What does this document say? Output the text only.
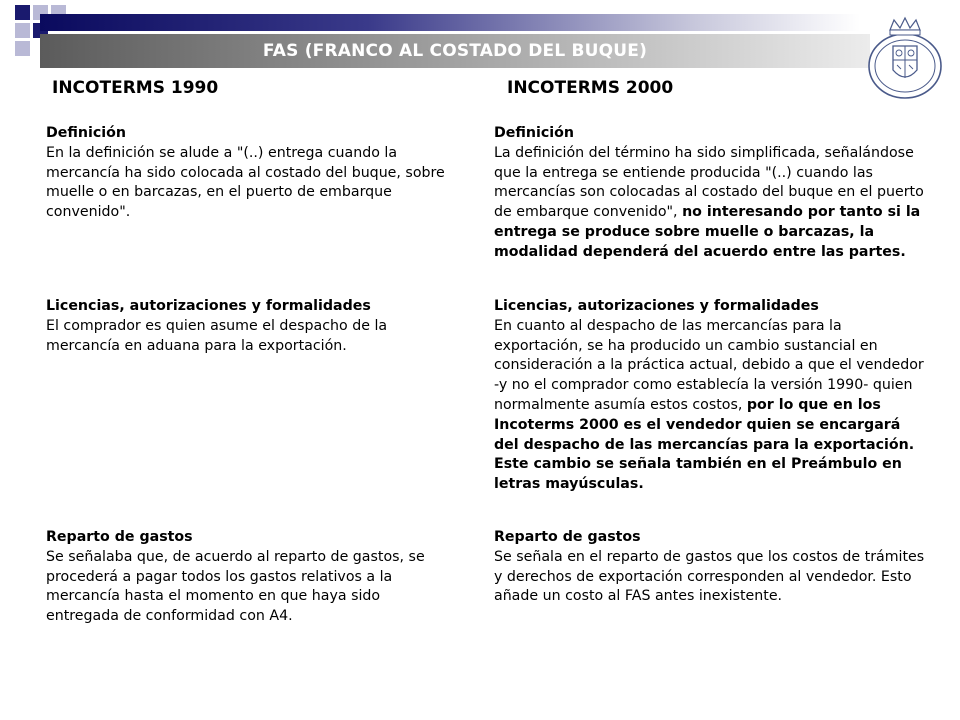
FAS (FRANCO AL COSTADO DEL BUQUE)
INCOTERMS 1990	INCOTERMS 2000
Definición
En la definición se alude a "(..) entrega cuando la mercancía ha sido colocada al costado del buque, sobre muelle o en barcazas, en el puerto de embarque convenido".
Licencias, autorizaciones y formalidades
El comprador es quien asume el despacho de la mercancía en aduana para la exportación.
Reparto de gastos
Se señalaba que, de acuerdo al reparto de gastos, se procederá a pagar todos los gastos relativos a la mercancía hasta el momento en que haya sido entregada de conformidad con A4.
Definición
La definición del término ha sido simplificada, señalándose que la entrega se entiende producida "(..) cuando las mercancías son colocadas al costado del buque en el puerto de embarque convenido", no interesando por tanto si la entrega se produce sobre muelle o barcazas, la modalidad dependerá del acuerdo entre las partes.
Licencias, autorizaciones y formalidades
En cuanto al despacho de las mercancías para la exportación, se ha producido un cambio sustancial en consideración a la práctica actual, debido a que el vendedor -y no el comprador como establecía la versión 1990- quien normalmente asumía estos costos, por lo que en los Incoterms 2000 es el vendedor quien se encargará del despacho de las mercancías para la exportación. Este cambio se señala también en el Preámbulo en letras mayúsculas.
Reparto de gastos
Se señala en el reparto de gastos que los costos de trámites y derechos de exportación corresponden al vendedor. Esto añade un costo al FAS antes inexistente.
